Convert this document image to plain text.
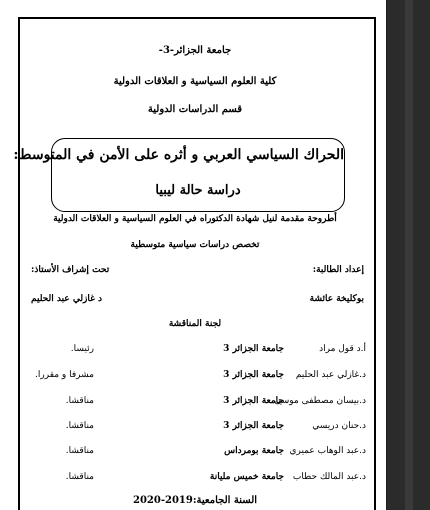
جامعة الجزائر-3-
كلية العلوم السياسية و العلاقات الدولية
قسم الدراسات الدولية
الحراك السياسي العربي و أثره على الأمن في المتوسط:
دراسة حالة ليبيا
أطروحة مقدمة لنيل شهادة الدكتوراه في العلوم السياسية و العلاقات الدولية
تخصص دراسات سياسية متوسطية
إعداد الطالبة:
تحت إشراف الأستاذ:
بوكليخة عائشة
د غازلي عبد الحليم
لجنة المناقشة
أ.د قول مراد
جامعة الجزائر 3
رئيسا.
د.غازلي عبد الحليم
جامعة الجزائر 3
مشرفا و مقررا.
د.بيسان مصطفى موسى
جامعة الجزائر 3
مناقشا.
د.حنان دريسي
جامعة الجزائر 3
مناقشا.
د.عبد الوهاب عميري
جامعة بومرداس
مناقشا.
د.عبد المالك حطاب
جامعة خميس مليانة
مناقشا.
السنة الجامعية:2019-2020
